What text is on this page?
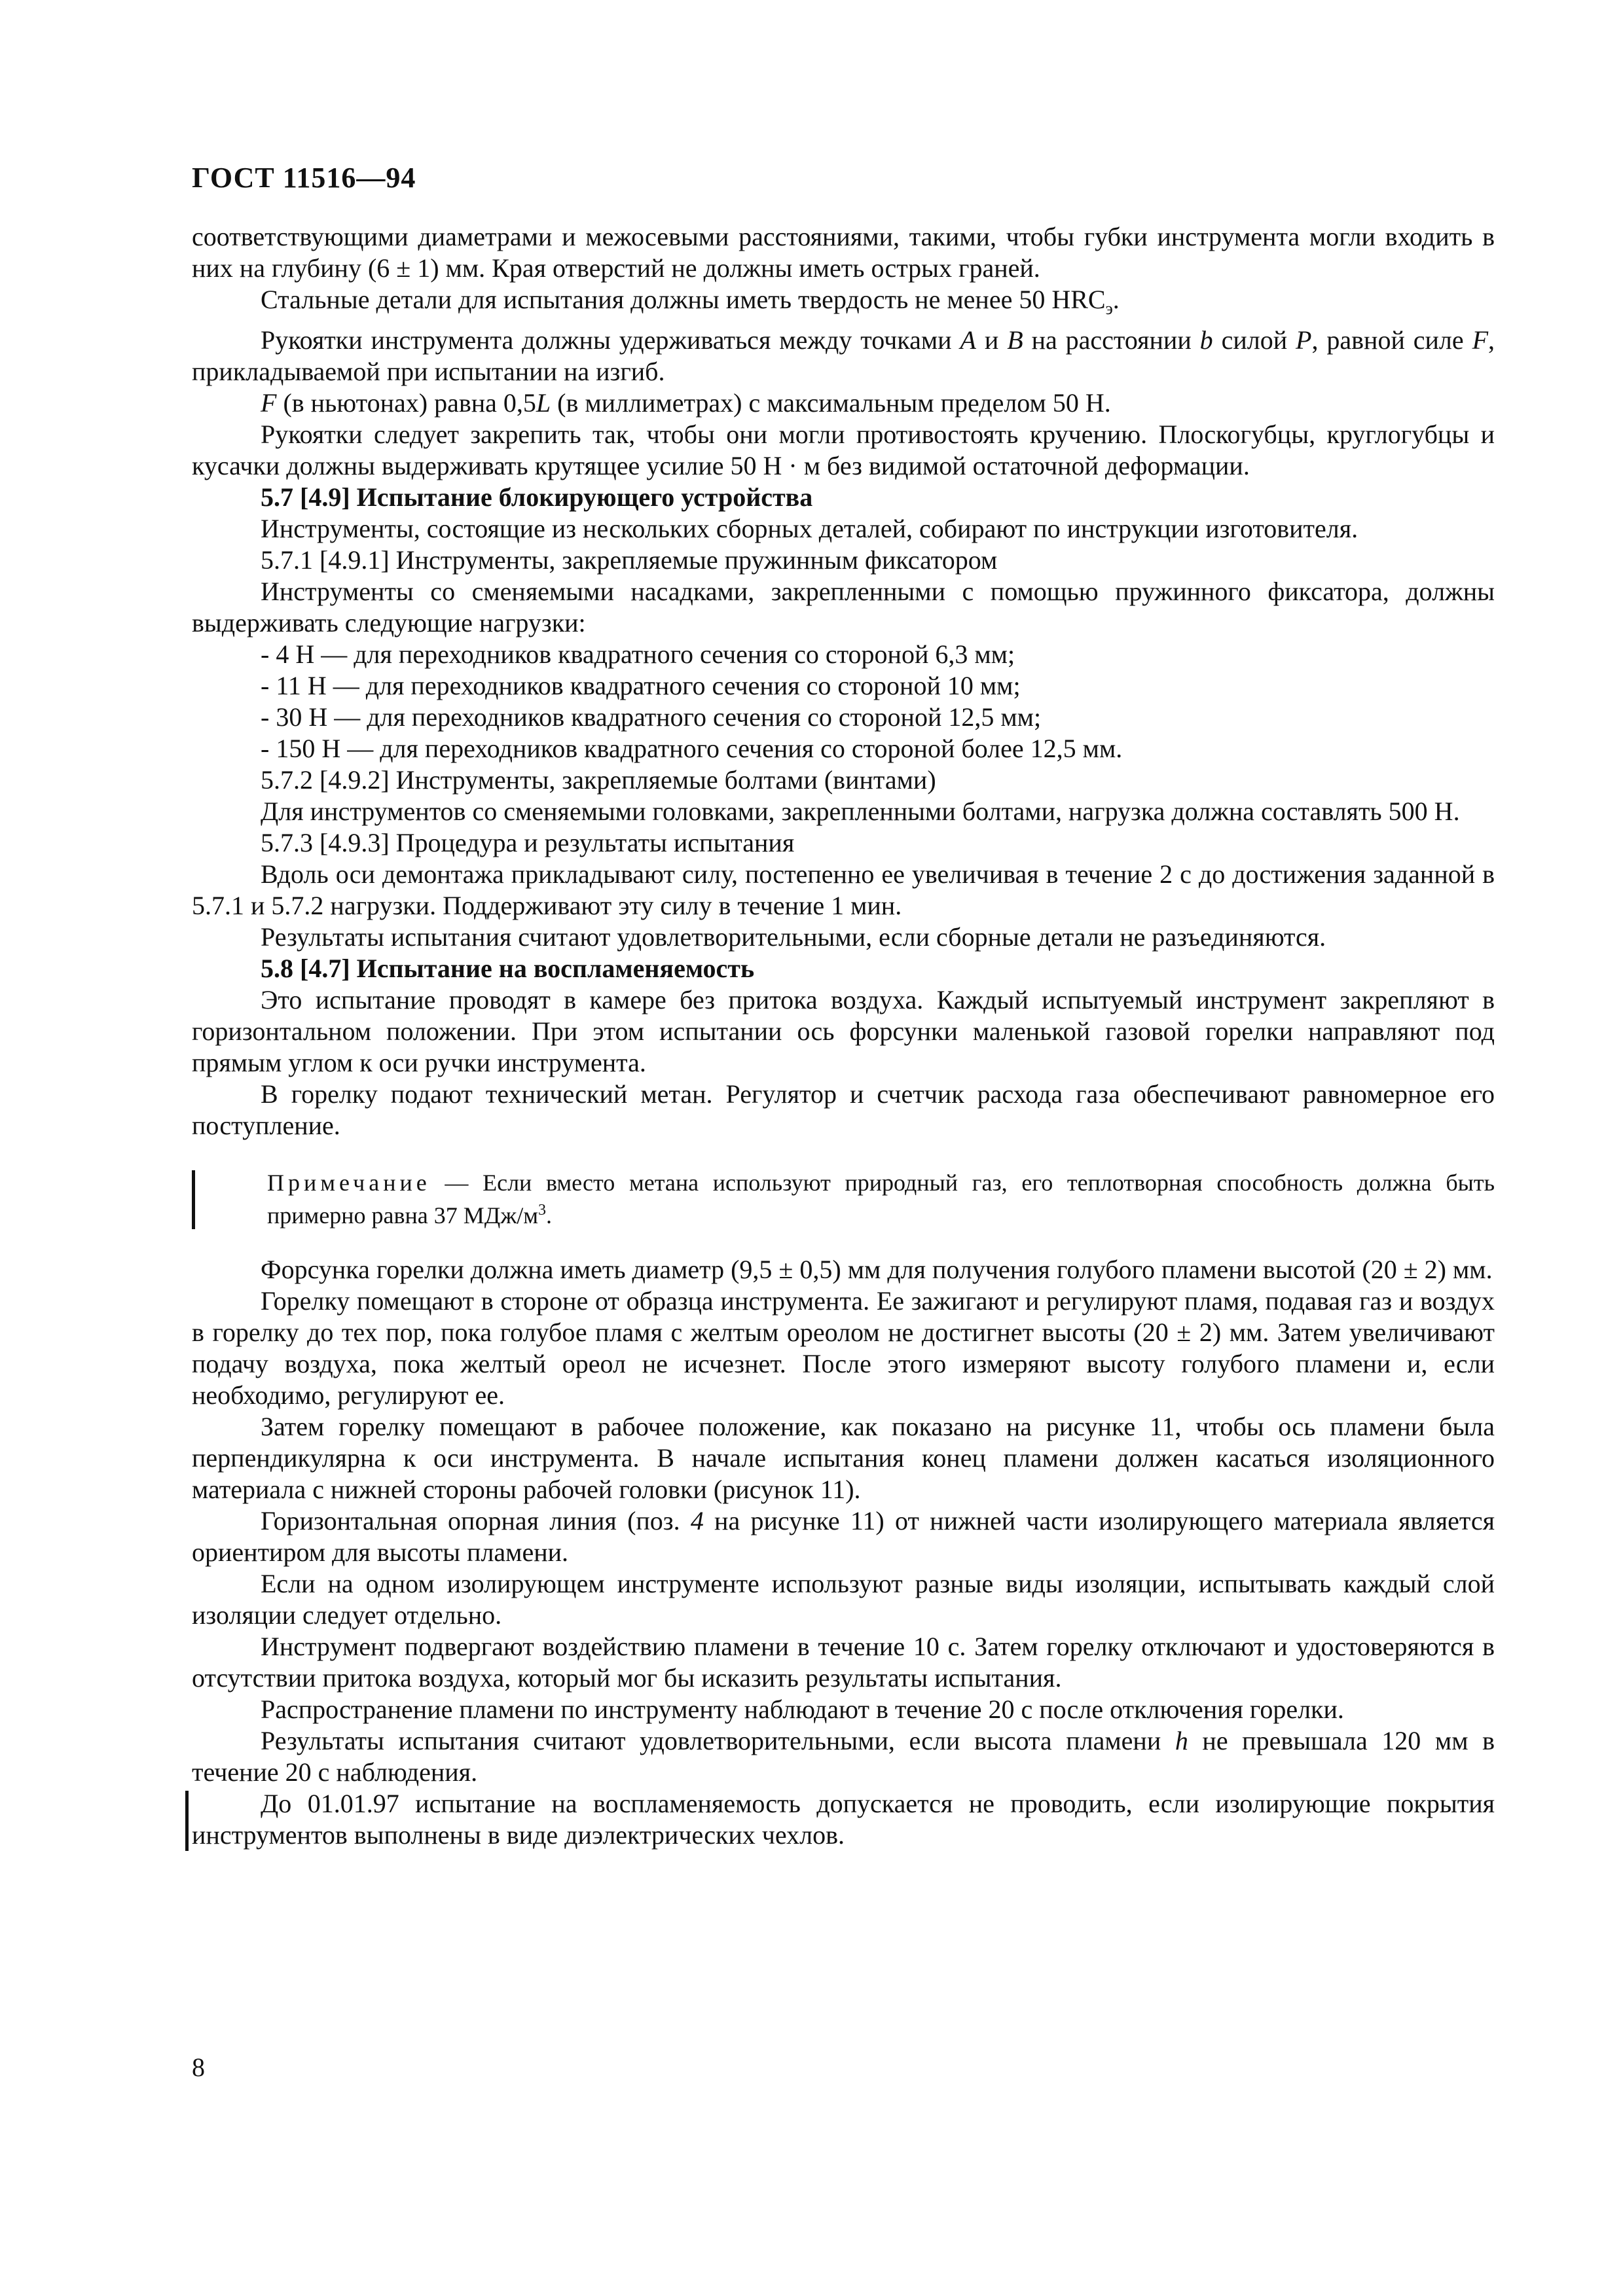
ГОСТ 11516—94

соответствующими диаметрами и межосевыми расстояниями, такими, чтобы губки инструмента могли входить в них на глубину (6 ± 1) мм. Края отверстий не должны иметь острых граней.

Стальные детали для испытания должны иметь твердость не менее 50 $HRC_э$.

Рукоятки инструмента должны удерживаться между точками A и B на расстоянии b силой P, равной силе F, прикладываемой при испытании на изгиб.

F (в ньютонах) равна 0,5L (в миллиметрах) с максимальным пределом 50 Н.

Рукоятки следует закрепить так, чтобы они могли противостоять кручению. Плоскогубцы, круглогубцы и кусачки должны выдерживать крутящее усилие 50 Н · м без видимой остаточной деформации.

5.7 [4.9] Испытание блокирующего устройства

Инструменты, состоящие из нескольких сборных деталей, собирают по инструкции изготовителя.

5.7.1 [4.9.1] Инструменты, закрепляемые пружинным фиксатором

Инструменты со сменяемыми насадками, закрепленными с помощью пружинного фиксатора, должны выдерживать следующие нагрузки:

- 4 Н — для переходников квадратного сечения со стороной 6,3 мм;

- 11 Н — для переходников квадратного сечения со стороной 10 мм;

- 30 Н — для переходников квадратного сечения со стороной 12,5 мм;

- 150 Н — для переходников квадратного сечения со стороной более 12,5 мм.

5.7.2 [4.9.2] Инструменты, закрепляемые болтами (винтами)

Для инструментов со сменяемыми головками, закрепленными болтами, нагрузка должна составлять 500 Н.

5.7.3 [4.9.3] Процедура и результаты испытания

Вдоль оси демонтажа прикладывают силу, постепенно ее увеличивая в течение 2 с до достижения заданной в 5.7.1 и 5.7.2 нагрузки. Поддерживают эту силу в течение 1 мин.

Результаты испытания считают удовлетворительными, если сборные детали не разъединяются.

5.8 [4.7] Испытание на воспламеняемость

Это испытание проводят в камере без притока воздуха. Каждый испытуемый инструмент закрепляют в горизонтальном положении. При этом испытании ось форсунки маленькой газовой горелки направляют под прямым углом к оси ручки инструмента.

В горелку подают технический метан. Регулятор и счетчик расхода газа обеспечивают равномерное его поступление.

Примечание — Если вместо метана используют природный газ, его теплотворная способность должна быть примерно равна 37 МДж/$м^3$.

Форсунка горелки должна иметь диаметр (9,5 ± 0,5) мм для получения голубого пламени высотой (20 ± 2) мм.

Горелку помещают в стороне от образца инструмента. Ее зажигают и регулируют пламя, подавая газ и воздух в горелку до тех пор, пока голубое пламя с желтым ореолом не достигнет высоты (20 ± 2) мм. Затем увеличивают подачу воздуха, пока желтый ореол не исчезнет. После этого измеряют высоту голубого пламени и, если необходимо, регулируют ее.

Затем горелку помещают в рабочее положение, как показано на рисунке 11, чтобы ось пламени была перпендикулярна к оси инструмента. В начале испытания конец пламени должен касаться изоляционного материала с нижней стороны рабочей головки (рисунок 11).

Горизонтальная опорная линия (поз. 4 на рисунке 11) от нижней части изолирующего материала является ориентиром для высоты пламени.

Если на одном изолирующем инструменте используют разные виды изоляции, испытывать каждый слой изоляции следует отдельно.

Инструмент подвергают воздействию пламени в течение 10 с. Затем горелку отключают и удостоверяются в отсутствии притока воздуха, который мог бы исказить результаты испытания.

Распространение пламени по инструменту наблюдают в течение 20 с после отключения горелки.

Результаты испытания считают удовлетворительными, если высота пламени h не превышала 120 мм в течение 20 с наблюдения.

До 01.01.97 испытание на воспламеняемость допускается не проводить, если изолирующие покрытия инструментов выполнены в виде диэлектрических чехлов.

8
